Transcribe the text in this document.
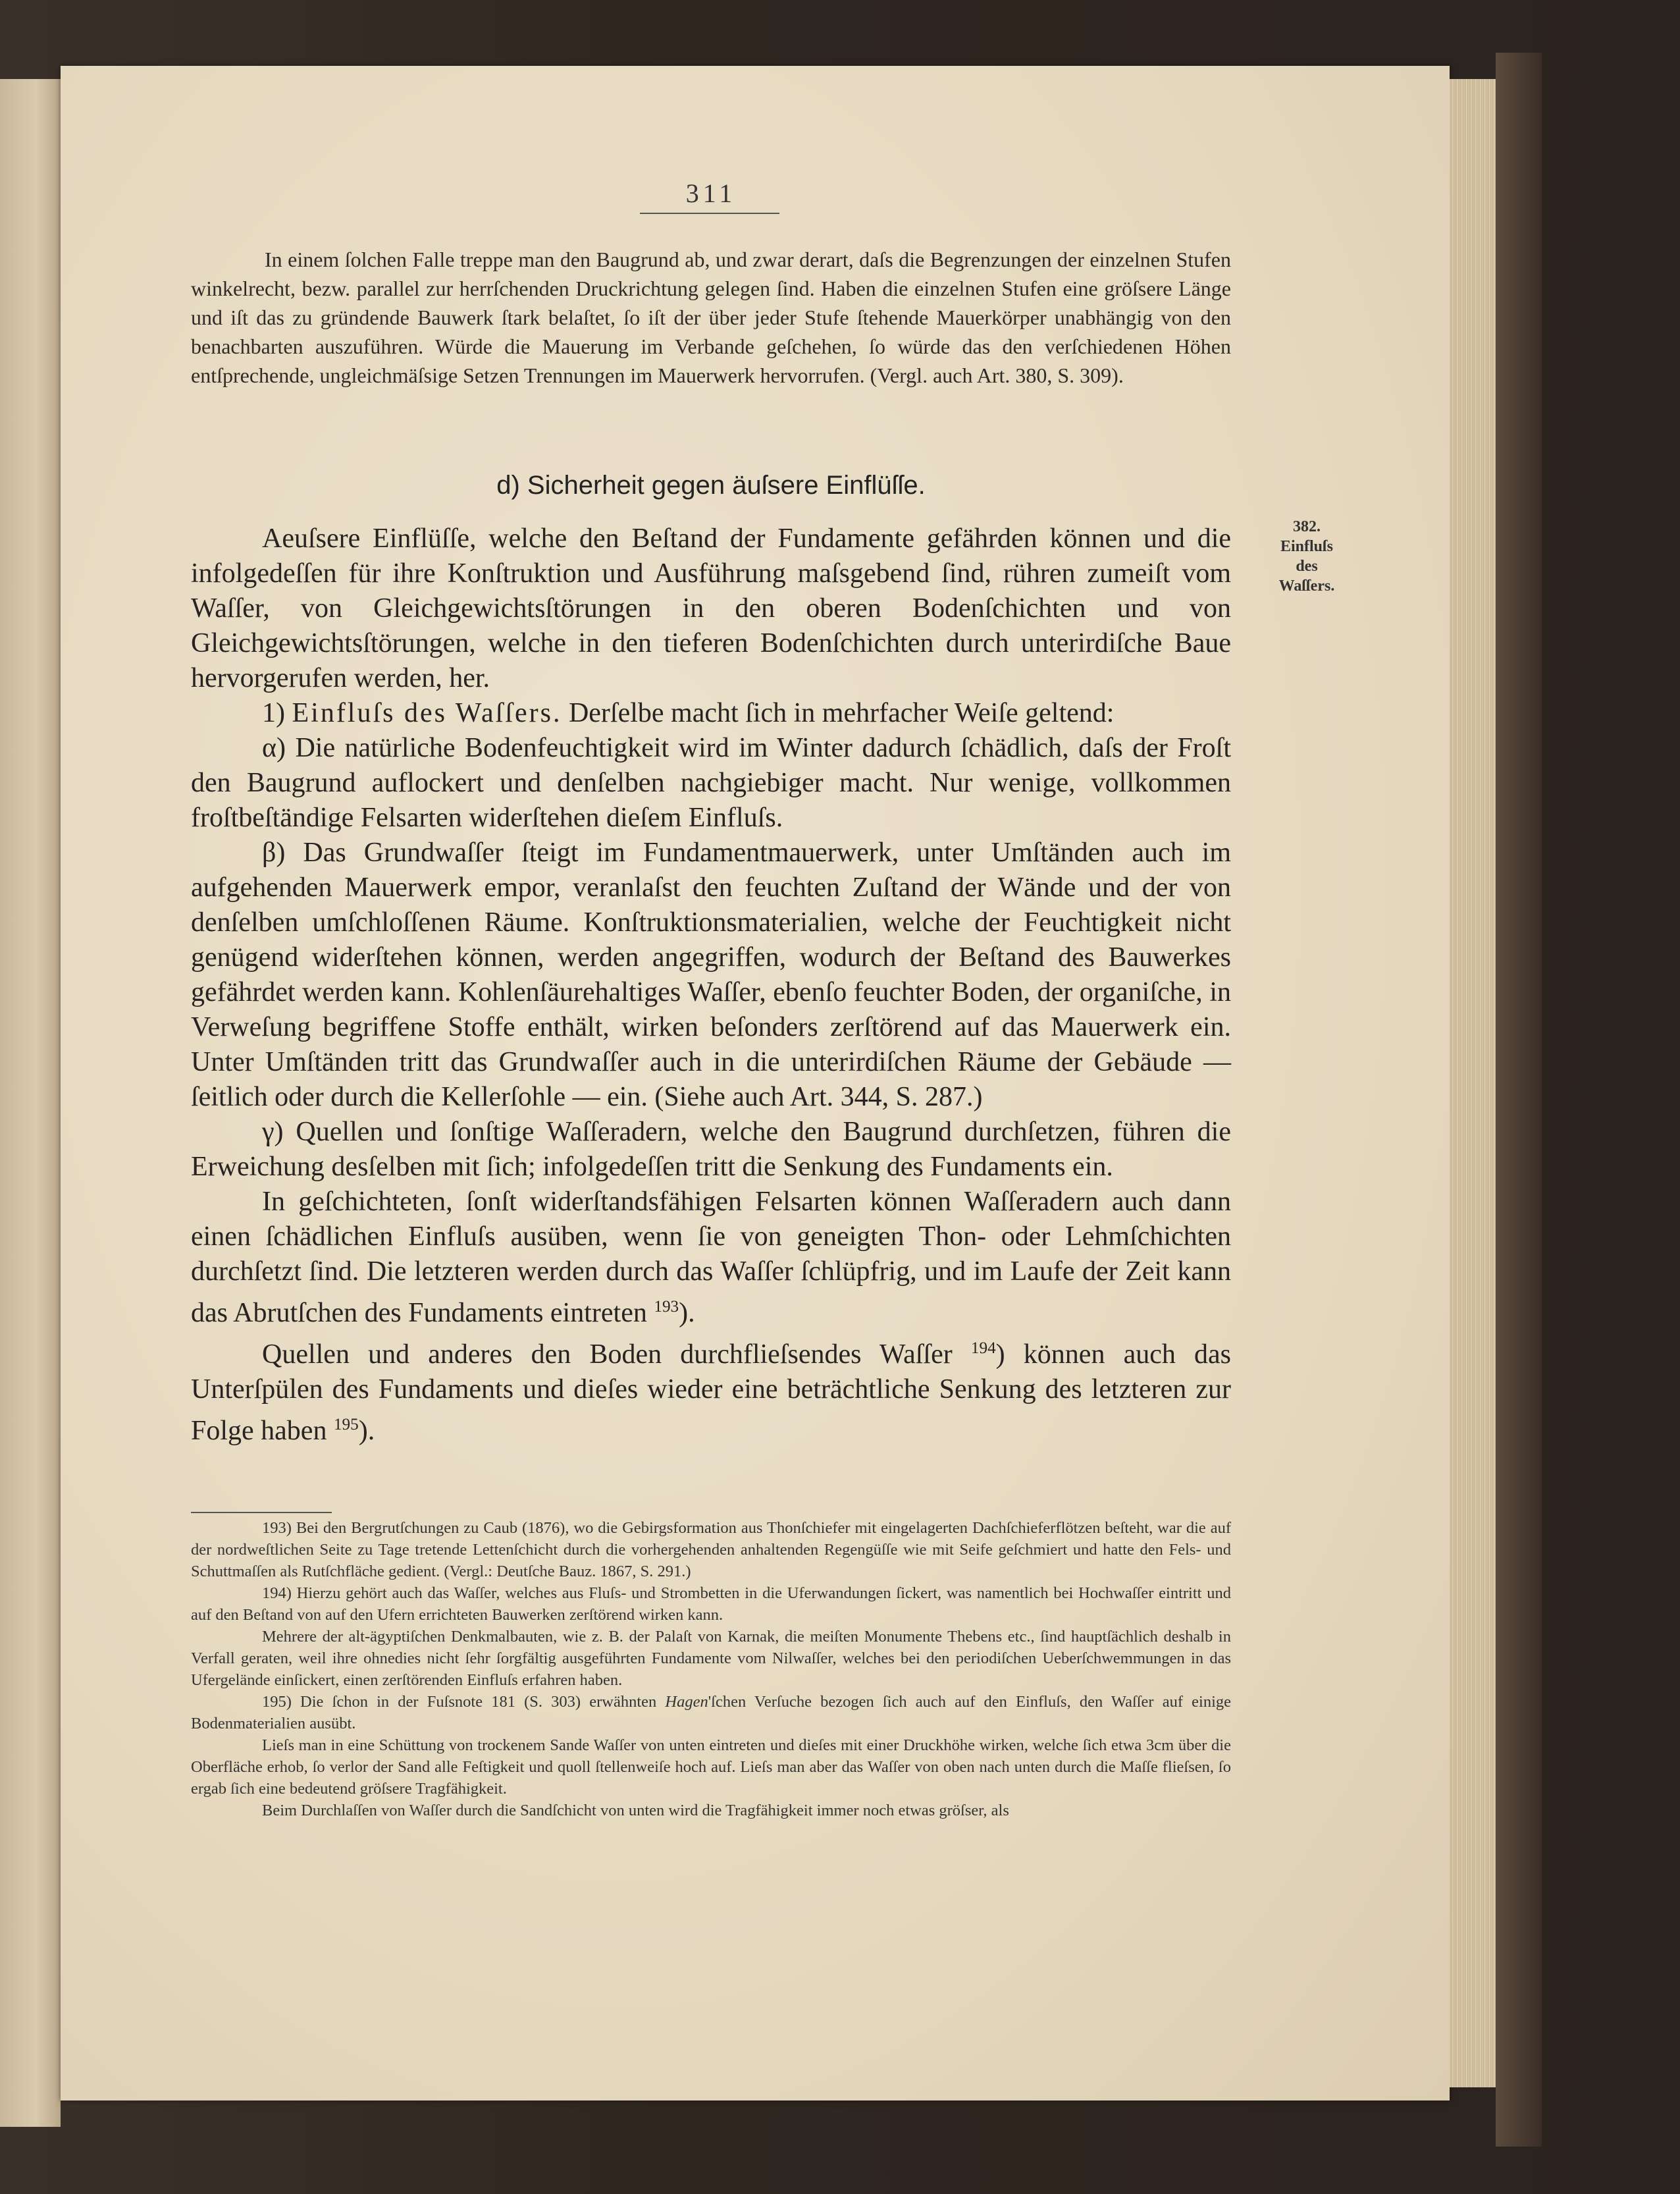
311
In einem ſolchen Falle treppe man den Baugrund ab, und zwar derart, daſs die Begrenzungen der einzelnen Stufen winkelrecht, bezw. parallel zur herrſchenden Druckrichtung gelegen ſind. Haben die einzelnen Stufen eine gröſsere Länge und iſt das zu gründende Bauwerk ſtark belaſtet, ſo iſt der über jeder Stufe ſtehende Mauerkörper unabhängig von den benachbarten auszuführen. Würde die Mauerung im Verbande geſchehen, ſo würde das den verſchiedenen Höhen entſprechende, ungleichmäſsige Setzen Trennungen im Mauerwerk hervorrufen. (Vergl. auch Art. 380, S. 309).
d) Sicherheit gegen äuſsere Einflüſſe.
382.
Einfluſs
des
Waſſers.

Aeuſsere Einflüſſe, welche den Beſtand der Fundamente gefährden können und die infolgedeſſen für ihre Konſtruktion und Ausführung maſsgebend ſind, rühren zumeiſt vom Waſſer, von Gleichgewichtsſtörungen in den oberen Bodenſchichten und von Gleichgewichtsſtörungen, welche in den tieferen Bodenſchichten durch unterirdiſche Baue hervorgerufen werden, her.

1) Einfluſs des Waſſers. Derſelbe macht ſich in mehrfacher Weiſe geltend:

α) Die natürliche Bodenfeuchtigkeit wird im Winter dadurch ſchädlich, daſs der Froſt den Baugrund auflockert und denſelben nachgiebiger macht. Nur wenige, vollkommen froſtbeſtändige Felsarten widerſtehen dieſem Einfluſs.

β) Das Grundwaſſer ſteigt im Fundamentmauerwerk, unter Umſtänden auch im aufgehenden Mauerwerk empor, veranlaſst den feuchten Zuſtand der Wände und der von denſelben umſchloſſenen Räume. Konſtruktionsmaterialien, welche der Feuchtigkeit nicht genügend widerſtehen können, werden angegriffen, wodurch der Beſtand des Bauwerkes gefährdet werden kann. Kohlenſäurehaltiges Waſſer, ebenſo feuchter Boden, der organiſche, in Verweſung begriffene Stoffe enthält, wirken beſonders zerſtörend auf das Mauerwerk ein. Unter Umſtänden tritt das Grundwaſſer auch in die unterirdiſchen Räume der Gebäude — ſeitlich oder durch die Kellerſohle — ein. (Siehe auch Art. 344, S. 287.)

γ) Quellen und ſonſtige Waſſeradern, welche den Baugrund durchſetzen, führen die Erweichung desſelben mit ſich; infolgedeſſen tritt die Senkung des Fundaments ein.

In geſchichteten, ſonſt widerſtandsfähigen Felsarten können Waſſeradern auch dann einen ſchädlichen Einfluſs ausüben, wenn ſie von geneigten Thon- oder Lehmſchichten durchſetzt ſind. Die letzteren werden durch das Waſſer ſchlüpfrig, und im Laufe der Zeit kann das Abrutſchen des Fundaments eintreten $^{193}$).

Quellen und anderes den Boden durchflieſsendes Waſſer $^{194}$) können auch das Unterſpülen des Fundaments und dieſes wieder eine beträchtliche Senkung des letzteren zur Folge haben $^{195}$).

193) Bei den Bergrutſchungen zu Caub (1876), wo die Gebirgsformation aus Thonſchiefer mit eingelagerten Dachſchieferflötzen beſteht, war die auf der nordweſtlichen Seite zu Tage tretende Lettenſchicht durch die vorhergehenden anhaltenden Regengüſſe wie mit Seife geſchmiert und hatte den Fels- und Schuttmaſſen als Rutſchfläche gedient. (Vergl.: Deutſche Bauz. 1867, S. 291.)

194) Hierzu gehört auch das Waſſer, welches aus Fluſs- und Strombetten in die Uferwandungen ſickert, was namentlich bei Hochwaſſer eintritt und auf den Beſtand von auf den Ufern errichteten Bauwerken zerſtörend wirken kann.

Mehrere der alt-ägyptiſchen Denkmalbauten, wie z. B. der Palaſt von Karnak, die meiſten Monumente Thebens etc., ſind hauptſächlich deshalb in Verfall geraten, weil ihre ohnedies nicht ſehr ſorgfältig ausgeführten Fundamente vom Nilwaſſer, welches bei den periodiſchen Ueberſchwemmungen in das Ufergelände einſickert, einen zerſtörenden Einfluſs erfahren haben.

195) Die ſchon in der Fuſsnote 181 (S. 303) erwähnten Hagen'ſchen Verſuche bezogen ſich auch auf den Einfluſs, den Waſſer auf einige Bodenmaterialien ausübt.

Lieſs man in eine Schüttung von trockenem Sande Waſſer von unten eintreten und dieſes mit einer Druckhöhe wirken, welche ſich etwa 3cm über die Oberfläche erhob, ſo verlor der Sand alle Feſtigkeit und quoll ſtellenweiſe hoch auf. Lieſs man aber das Waſſer von oben nach unten durch die Maſſe flieſsen, ſo ergab ſich eine bedeutend gröſsere Tragfähigkeit.

Beim Durchlaſſen von Waſſer durch die Sandſchicht von unten wird die Tragfähigkeit immer noch etwas gröſser, als
